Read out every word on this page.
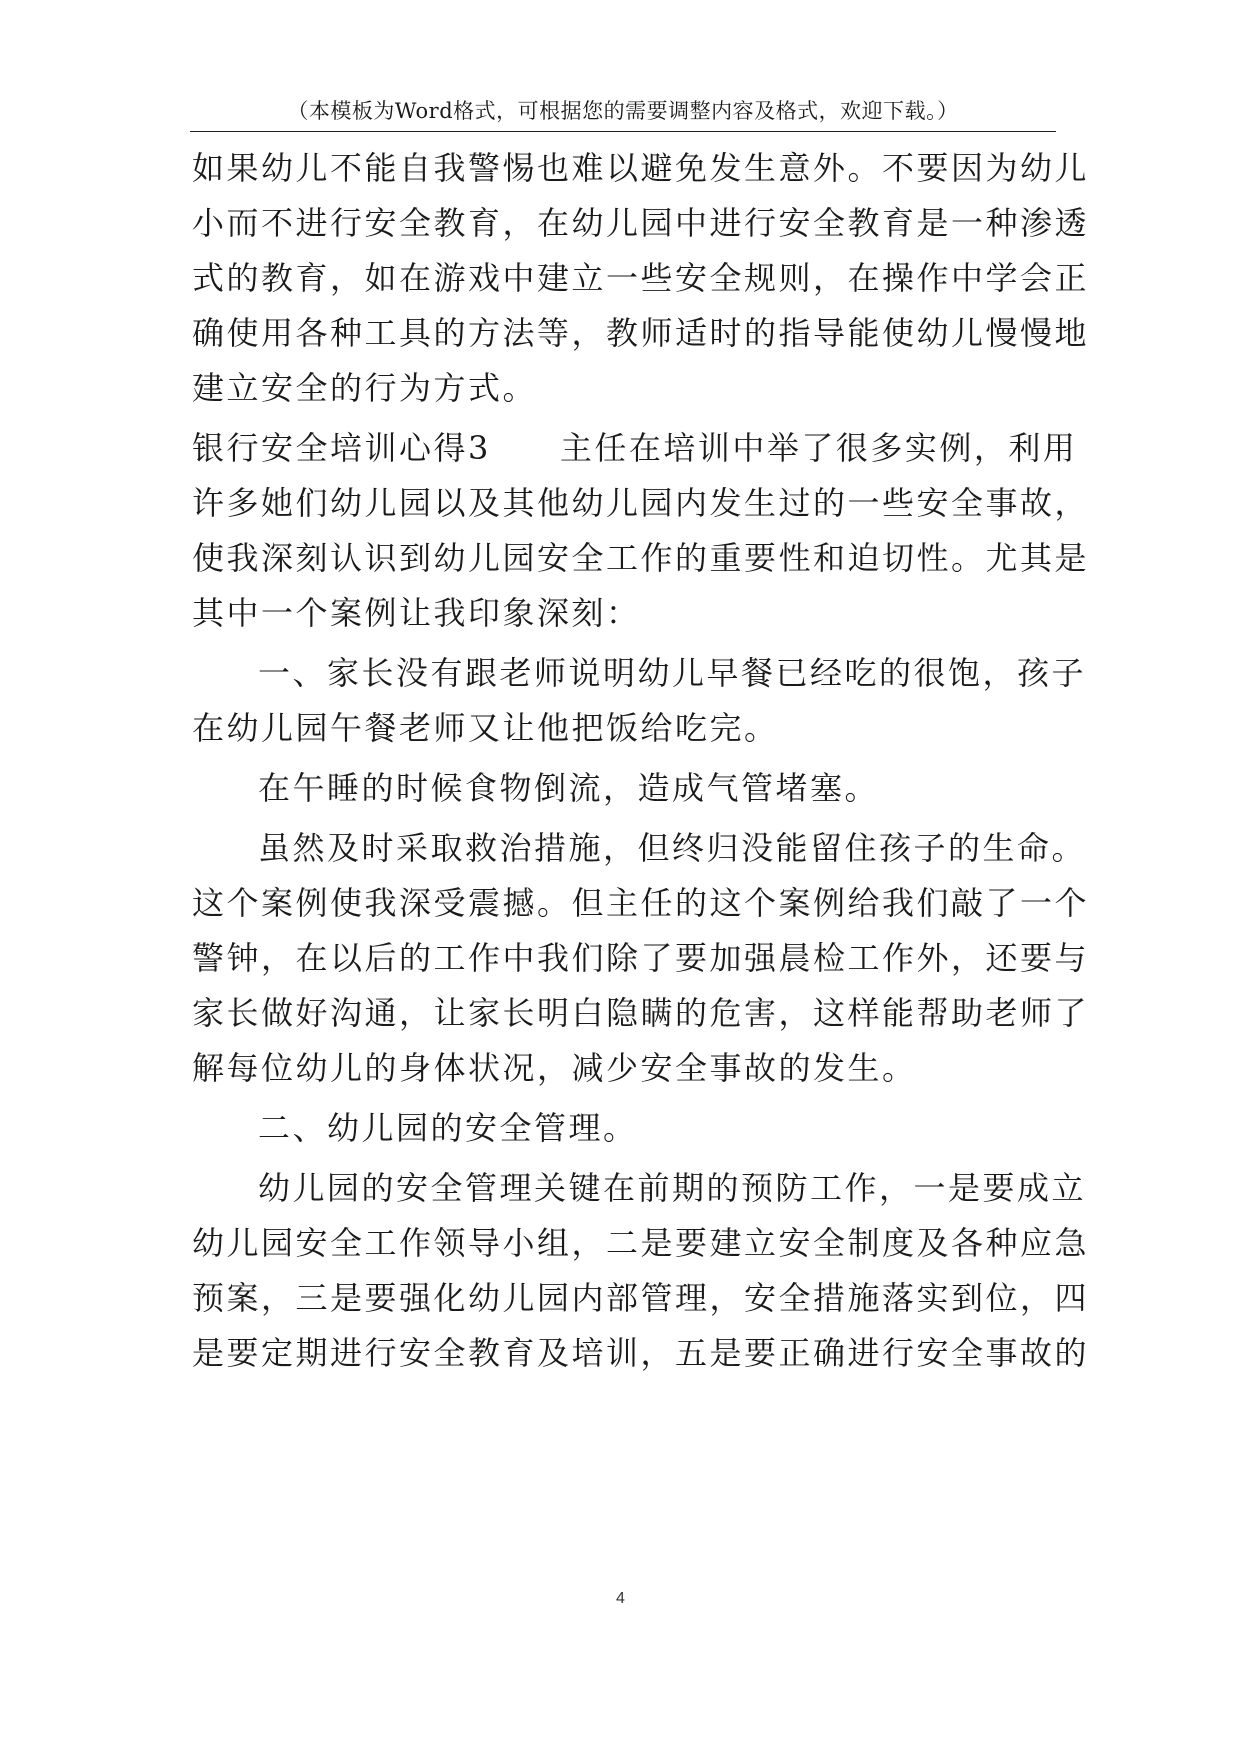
（本模板为Word格式，可根据您的需要调整内容及格式，欢迎下载。）
如果幼儿不能自我警惕也难以避免发生意外。不要因为幼儿
小而不进行安全教育，在幼儿园中进行安全教育是一种渗透
式的教育，如在游戏中建立一些安全规则，在操作中学会正
确使用各种工具的方法等，教师适时的指导能使幼儿慢慢地
建立安全的行为方式。
银行安全培训心得3　　主任在培训中举了很多实例，利用
许多她们幼儿园以及其他幼儿园内发生过的一些安全事故，
使我深刻认识到幼儿园安全工作的重要性和迫切性。尤其是
其中一个案例让我印象深刻：
一、家长没有跟老师说明幼儿早餐已经吃的很饱，孩子
在幼儿园午餐老师又让他把饭给吃完。
在午睡的时候食物倒流，造成气管堵塞。
虽然及时采取救治措施，但终归没能留住孩子的生命。
这个案例使我深受震撼。但主任的这个案例给我们敲了一个
警钟，在以后的工作中我们除了要加强晨检工作外，还要与
家长做好沟通，让家长明白隐瞒的危害，这样能帮助老师了
解每位幼儿的身体状况，减少安全事故的发生。
二、幼儿园的安全管理。
幼儿园的安全管理关键在前期的预防工作，一是要成立
幼儿园安全工作领导小组，二是要建立安全制度及各种应急
预案，三是要强化幼儿园内部管理，安全措施落实到位，四
是要定期进行安全教育及培训，五是要正确进行安全事故的
4
